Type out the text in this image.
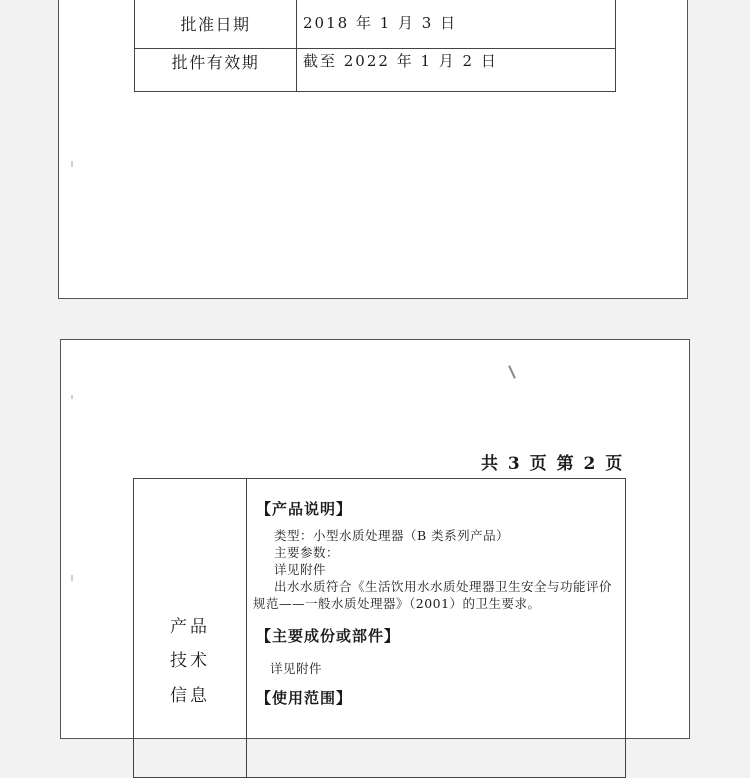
批准日期	2018 年 1 月 3 日
批件有效期	截至 2022 年 1 月 2 日
共 3 页 第 2 页
产品
技术
信息
【产品说明】
类型：小型水质处理器（B 类系列产品）
主要参数：
详见附件
出水水质符合《生活饮用水水质处理器卫生安全与功能评价
规范——一般水质处理器》（2001）的卫生要求。
【主要成份或部件】
详见附件
【使用范围】
